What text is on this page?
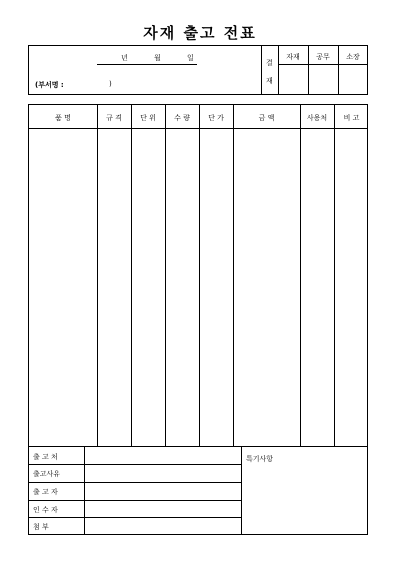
자재 출고 전표
년	월	일
(부서명 :	)
결
재
자재	공무	소장
품 명	규 격	단 위	수 량	단 가	금 액	사용처	비 고
출 고 처
출고사유
출 고 자
인 수 자
첨 부
특기사항
